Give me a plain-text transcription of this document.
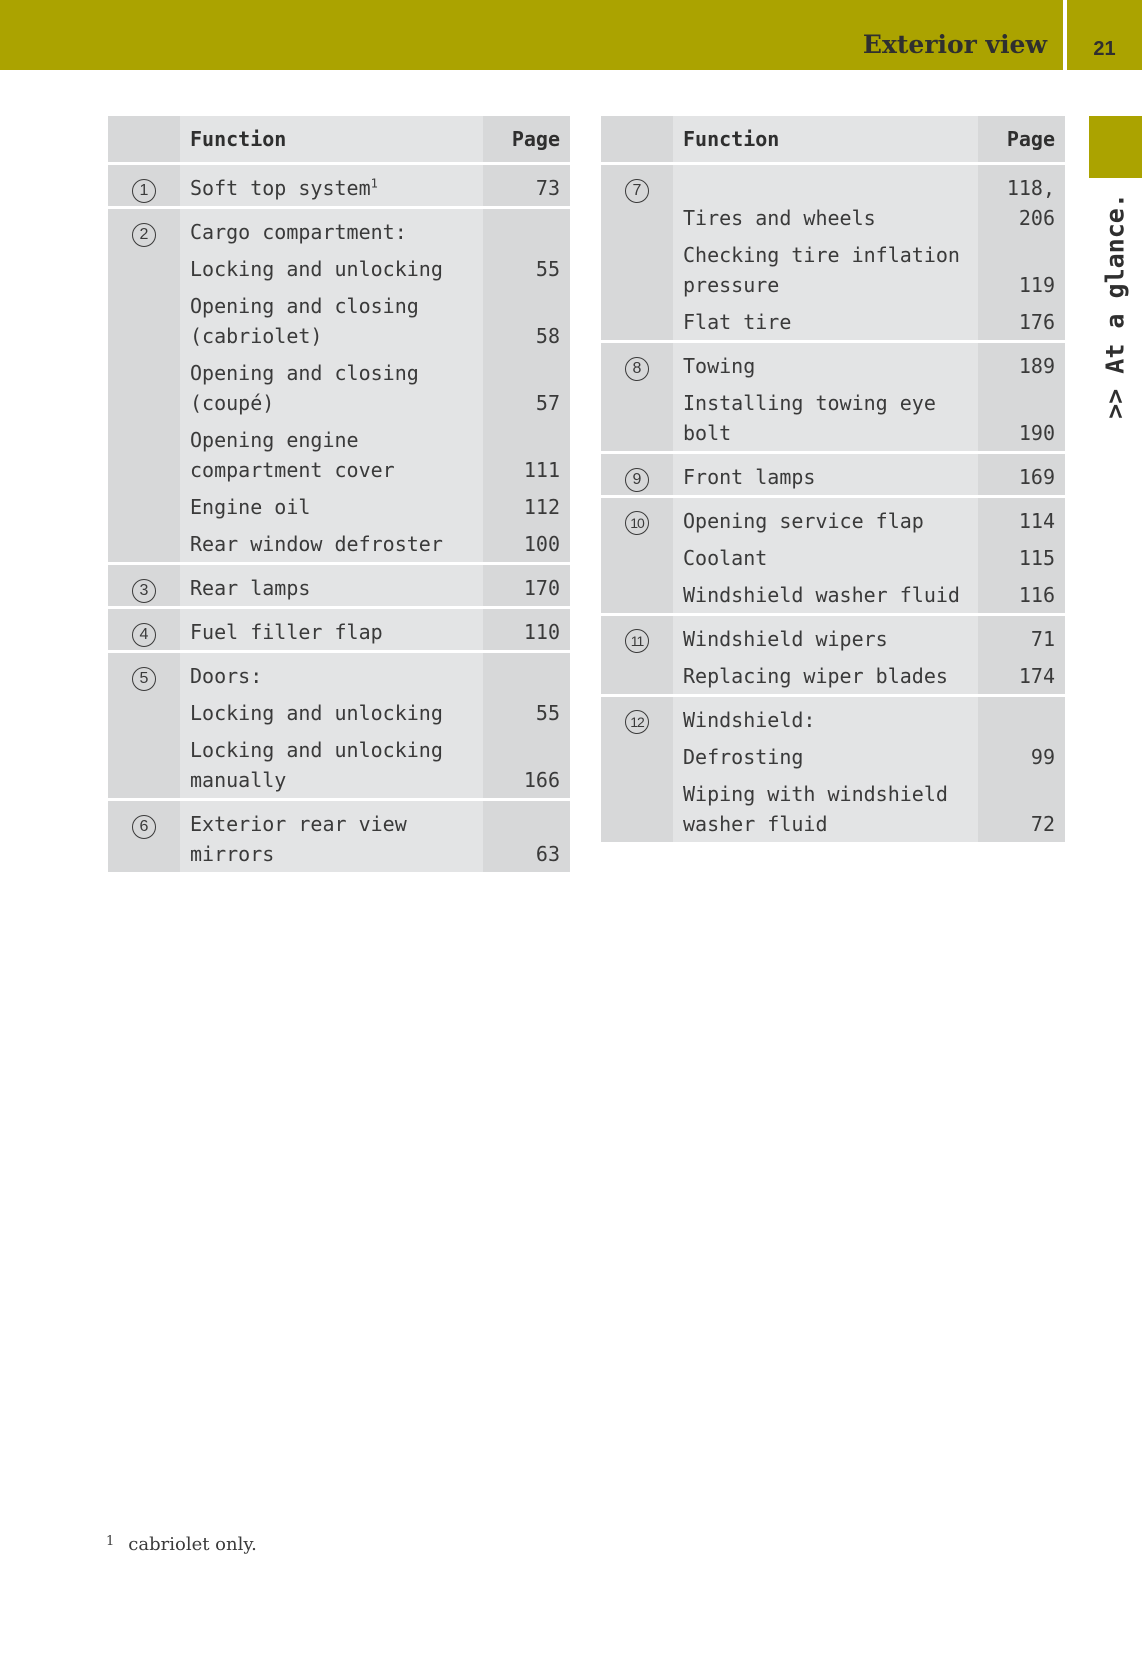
Exterior view	21
>> At a glance.
	Function	Page
1	Soft top system$^1$	73
2	Cargo compartment:	
	Locking and unlocking	55
	Opening and closing (cabriolet)	58
	Opening and closing (coupé)	57
	Opening engine compartment cover	111
	Engine oil	112
	Rear window defroster	100
3	Rear lamps	170
4	Fuel filler flap	110
5	Doors:	
	Locking and unlocking	55
	Locking and unlocking manually	166
6	Exterior rear view mirrors	63
	Function	Page
7	Tires and wheels	118, 206
	Checking tire inflation pressure	119
	Flat tire	176
8	Towing	189
	Installing towing eye bolt	190
9	Front lamps	169
10	Opening service flap	114
	Coolant	115
	Windshield washer fluid	116
11	Windshield wipers	71
	Replacing wiper blades	174
12	Windshield:	
	Defrosting	99
	Wiping with windshield washer fluid	72
$^1$ cabriolet only.
